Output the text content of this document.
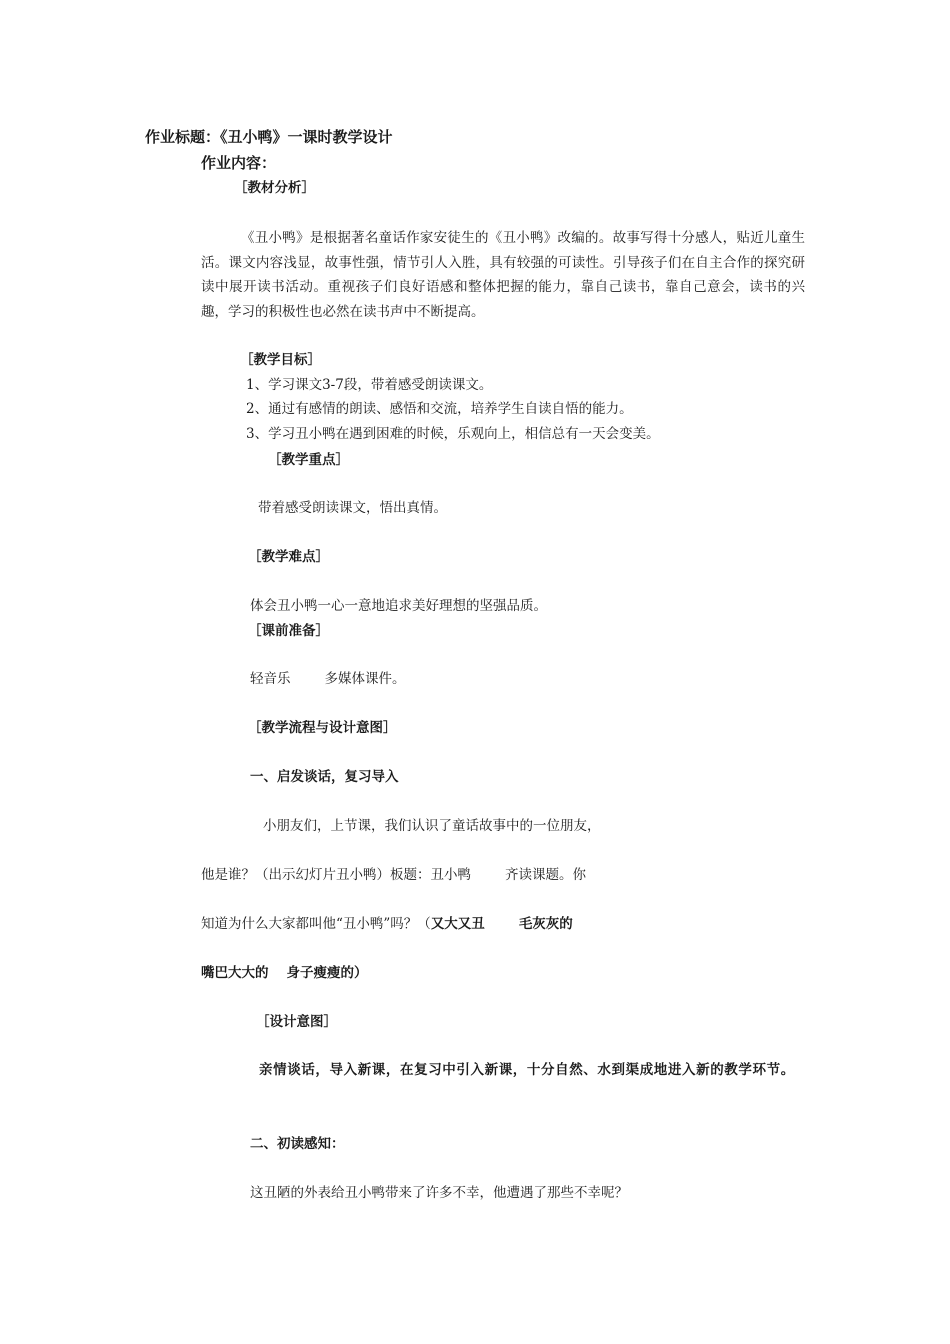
作业标题：《丑小鸭》一课时教学设计
作业内容：
［教材分析］
《丑小鸭》是根据著名童话作家安徒生的《丑小鸭》改编的。故事写得十分感人，贴近儿童生活。课文内容浅显，故事性强，情节引人入胜，具有较强的可读性。引导孩子们在自主合作的探究研读中展开读书活动。重视孩子们良好语感和整体把握的能力，靠自己读书，靠自己意会，读书的兴趣，学习的积极性也必然在读书声中不断提高。
［教学目标］
1、学习课文3-7段，带着感受朗读课文。
2、通过有感情的朗读、感悟和交流，培养学生自读自悟的能力。
3、学习丑小鸭在遇到困难的时候，乐观向上，相信总有一天会变美。
［教学重点］
带着感受朗读课文，悟出真情。
［教学难点］
体会丑小鸭一心一意地追求美好理想的坚强品质。
［课前准备］
轻音乐	多媒体课件。
［教学流程与设计意图］
一、启发谈话，复习导入
小朋友们，上节课，我们认识了童话故事中的一位朋友，
他是谁？（出示幻灯片丑小鸭）板题：丑小鸭	齐读课题。你
知道为什么大家都叫他“丑小鸭”吗？（又大又丑	毛灰灰的
嘴巴大大的 身子瘦瘦的）
［设计意图］
亲情谈话，导入新课，在复习中引入新课，十分自然、水到渠成地进入新的教学环节。
二、初读感知：
这丑陋的外表给丑小鸭带来了许多不幸，他遭遇了那些不幸呢？
